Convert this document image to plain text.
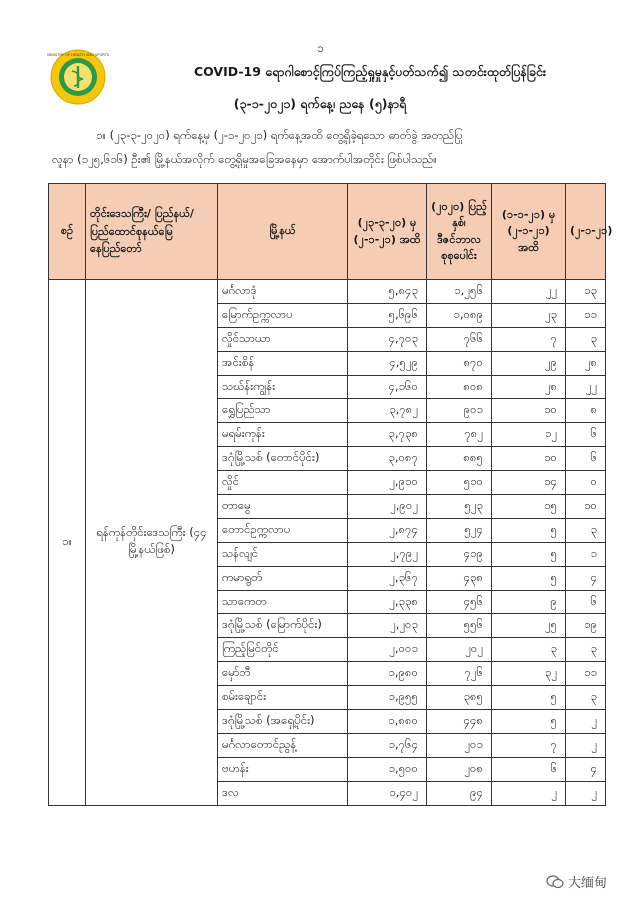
၁
MINISTRY OF HEALTH AND SPORTS
COVID-19 ရောဂါစောင့်ကြပ်ကြည့်ရှုမှုနှင့်ပတ်သက်၍ သတင်းထုတ်ပြန်ခြင်း
(၃-၁-၂၀၂၁) ရက်နေ့၊ ညနေ (၅)နာရီ
၁။ (၂၃-၃-၂၀၂၀) ရက်နေ့မှ (၂-၁-၂၀၂၁) ရက်နေ့အထိ တွေ့ရှိခဲ့ရသော ဓာတ်ခွဲ အတည်ပြု
လူနာ (၁၂၅,၆၁၆) ဦး၏ မြို့နယ်အလိုက် တွေ့ရှိမှုအခြေအနေမှာ အောက်ပါအတိုင်း ဖြစ်ပါသည်။
စဉ်	တိုင်းဒေသကြီး/ ပြည်နယ်/ ပြည်ထောင်စုနယ်မြေ နေပြည်တော်	မြို့နယ်	(၂၃-၃-၂၀) မှ (၂-၁-၂၁) အထိ	(၂၀၂၀) ပြည့်နှစ်၊ ဒီဇင်ဘာလ စုစုပေါင်း	(၁-၁-၂၁) မှ (၂-၁-၂၁) အထိ	(၂-၁-၂၁)
၁။	ရန်ကုန်တိုင်းဒေသကြီး (၄၄ မြို့နယ်ဖြစ်)	မင်္ဂလာဒုံ	၅,၈၄၃	၁,၂၅၆	၂၂	၁၃
		မြောက်ဥက္ကလာပ	၅,၆၉၆	၁,၀၈၉	၂၃	၁၁
		လှိုင်သာယာ	၄,၇၀၃	၇၆၆	၇	၃
		အင်းစိန်	၄,၅၂၉	၈၇၀	၂၉	၂၈
		သဃ်န်းကျွန်း	၄,၁၆၀	၈၀၈	၂၈	၂၂
		ရွှေပြည်သာ	၃,၇၈၂	၉၀၁	၁၀	၈
		မရမ်းကုန်း	၃,၇၃၈	၇၈၂	၁၂	၆
		ဒဂုံမြို့သစ် (တောင်ပိုင်း)	၃,၀၈၇	၈၈၅	၁၀	၆
		လှိုင်	၂,၉၁၀	၅၁၀	၁၄	၀
		တာမွေ	၂,၉၀၂	၅၂၃	၁၅	၁၀
		တောင်ဥက္ကလာပ	၂,၈၇၄	၅၂၄	၅	၃
		သန်လျင်	၂,၇၉၂	၄၁၉	၅	၁
		ကမာရွတ်	၂,၃၆၇	၄၃၈	၅	၄
		သာကေတ	၂,၃၃၈	၄၅၆	၉	၆
		ဒဂုံမြို့သစ် (မြောက်ပိုင်း)	၂,၂၀၃	၅၅၆	၂၅	၁၉
		ကြည့်မြင်တိုင်	၂,၀၀၁	၂၀၂	၃	၃
		မှော်ဘီ	၁,၉၈၀	၇၂၆	၃၂	၁၁
		စမ်းချောင်း	၁,၉၅၅	၃၈၅	၅	၃
		ဒဂုံမြို့သစ် (အရှေ့ပိုင်း)	၁,၈၈၀	၄၄၈	၅	၂
		မင်္ဂလာတောင်ညွန့်	၁,၇၆၄	၂၀၁	၇	၂
		ဗဟန်း	၁,၅၀၀	၂၀၈	၆	၄
		ဒလ	၁,၄၀၂	၉၄	၂	၂
大缅甸
